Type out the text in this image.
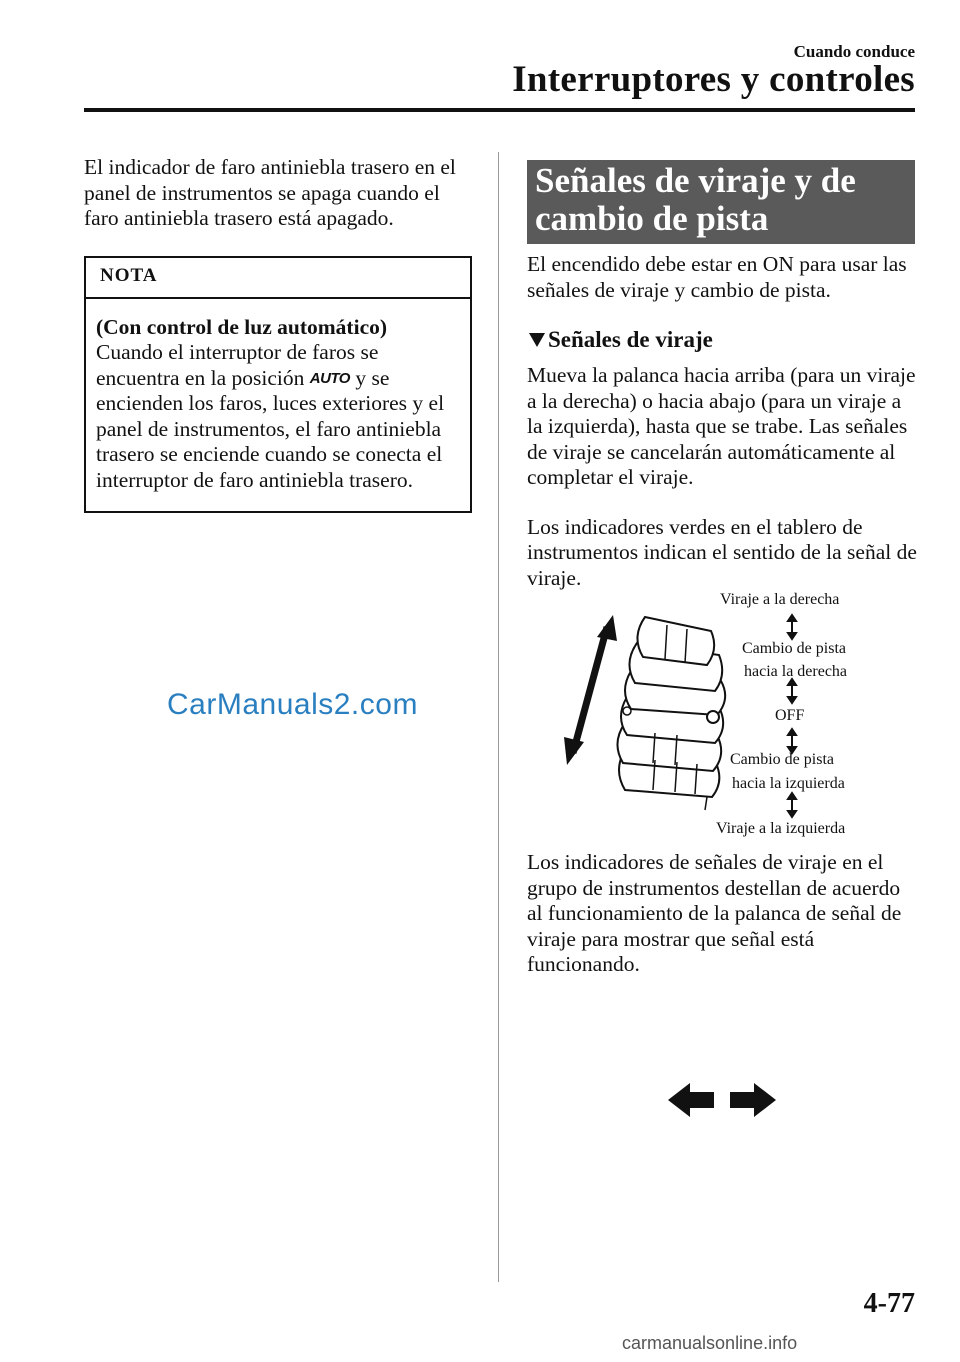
Cuando conduce
Interruptores y controles

El indicador de faro antiniebla trasero en el panel de instrumentos se apaga cuando el faro antiniebla trasero está apagado.

NOTA
(Con control de luz automático)
Cuando el interruptor de faros se encuentra en la posición AUTO y se encienden los faros, luces exteriores y el panel de instrumentos, el faro antiniebla trasero se enciende cuando se conecta el interruptor de faro antiniebla trasero.
CarManuals2.com
Señales de viraje y de cambio de pista

El encendido debe estar en ON para usar las señales de viraje y cambio de pista.

Señales de viraje

Mueva la palanca hacia arriba (para un viraje a la derecha) o hacia abajo (para un viraje a la izquierda), hasta que se trabe. Las señales de viraje se cancelarán automáticamente al completar el viraje.

Los indicadores verdes en el tablero de instrumentos indican el sentido de la señal de viraje.

Viraje a la derecha
Cambio de pista
hacia la derecha
OFF
Cambio de pista
hacia la izquierda
Viraje a la izquierda

Los indicadores de señales de viraje en el grupo de instrumentos destellan de acuerdo al funcionamiento de la palanca de señal de viraje para mostrar que señal está funcionando.

4-77
carmanualsonline.info
